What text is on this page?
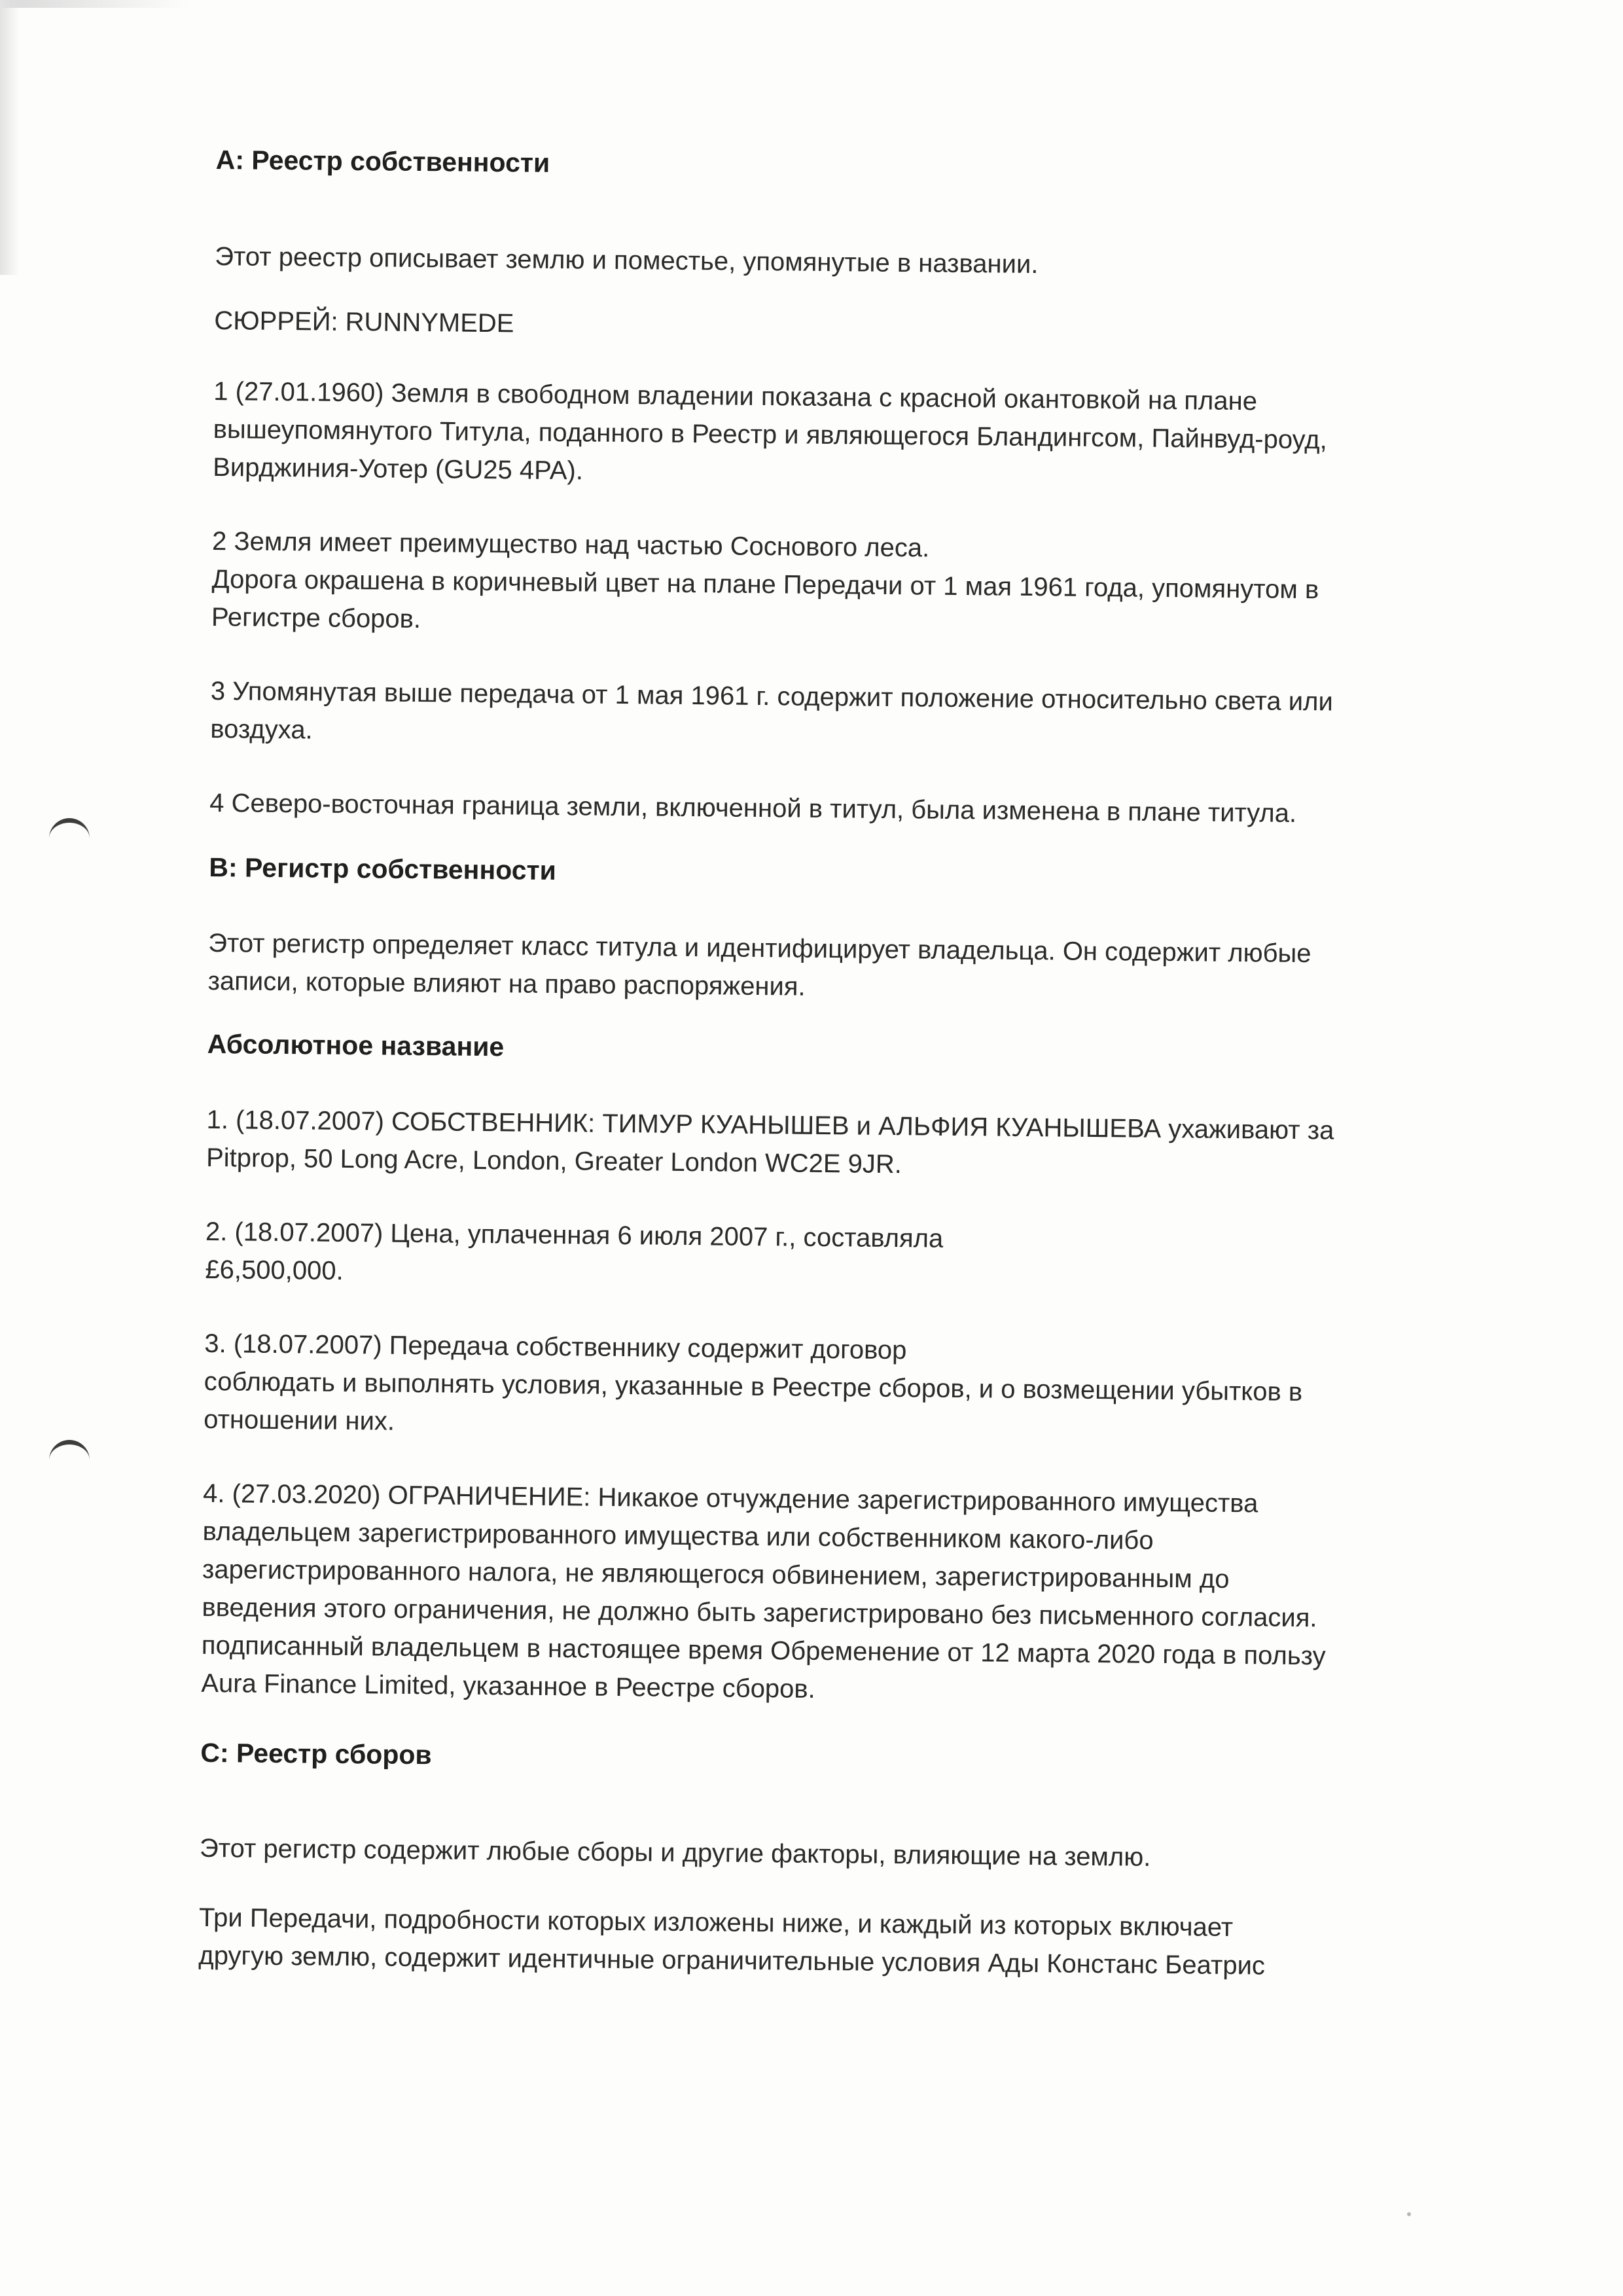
A: Реестр собственности

Этот реестр описывает землю и поместье, упомянутые в названии.

СЮРРЕЙ: RUNNYMEDE

1 (27.01.1960) Земля в свободном владении показана с красной окантовкой на плане
вышеупомянутого Титула, поданного в Реестр и являющегося Бландингсом, Пайнвуд-роуд,
Вирджиния-Уотер (GU25 4PA).
2 Земля имеет преимущество над частью Соснового леса.
Дорога окрашена в коричневый цвет на плане Передачи от 1 мая 1961 года, упомянутом в
Регистре сборов.
3 Упомянутая выше передача от 1 мая 1961 г. содержит положение относительно света или
воздуха.
4 Северо-восточная граница земли, включенной в титул, была изменена в плане титула.

B: Регистр собственности

Этот регистр определяет класс титула и идентифицирует владельца. Он содержит любые
записи, которые влияют на право распоряжения.

Абсолютное название

1. (18.07.2007) СОБСТВЕННИК: ТИМУР КУАНЫШЕВ и АЛЬФИЯ КУАНЫШЕВА ухаживают за
Pitprop, 50 Long Acre, London, Greater London WC2E 9JR.
2. (18.07.2007) Цена, уплаченная 6 июля 2007 г., составляла
£6,500,000.
3. (18.07.2007) Передача собственнику содержит договор
соблюдать и выполнять условия, указанные в Реестре сборов, и о возмещении убытков в
отношении них.
4. (27.03.2020) ОГРАНИЧЕНИЕ: Никакое отчуждение зарегистрированного имущества
владельцем зарегистрированного имущества или собственником какого-либо
зарегистрированного налога, не являющегося обвинением, зарегистрированным до
введения этого ограничения, не должно быть зарегистрировано без письменного согласия.
подписанный владельцем в настоящее время Обременение от 12 марта 2020 года в пользу
Aura Finance Limited, указанное в Реестре сборов.

C: Реестр сборов

Этот регистр содержит любые сборы и другие факторы, влияющие на землю.

Три Передачи, подробности которых изложены ниже, и каждый из которых включает
другую землю, содержит идентичные ограничительные условия Ады Констанс Беатрис
